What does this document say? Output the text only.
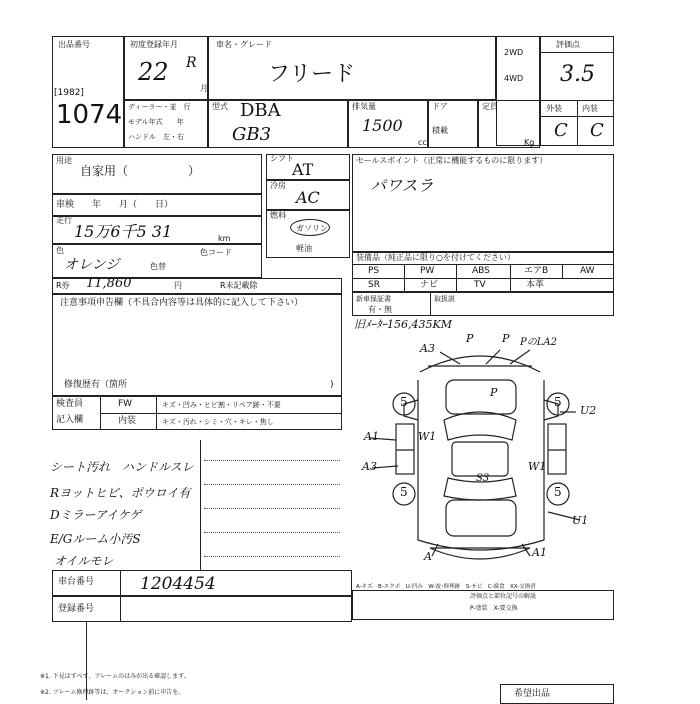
出品番号
[1982]
1074
初度登録年月
22 R
月
車名・グレード
フリード
2WD
4WD
評価点
3.5
外装	内装
C C
ディーラー・並　行
モデル年式　　年
ハンドル　左・右
型式 DBA
GB3
排気量
1500
cc
ドア
積載
定員
Kg
用途
自家用（　　　　　）
車検　　年　　月（　　日）
走行
15万6千5 31	km
色
オレンジ
色コード
色替
R券 11,860	円	R未記載除
注意事項申告欄（不具合内容等は具体的に記入して下さい）
修復歴有（箇所	)
検査員
記入欄
FW
内装
キズ・凹み・ヒビ割・リペア跡・不要
キズ・汚れ・シミ・穴・キレ・焦し
シート汚れ　ハンドルスレ
Rヨットヒビ、ポウロイ有
Dミラーアイケゲ
E/Gルーム小汚S
オイルモレ
シフト
AT
冷房
AC
燃料
ガソリン
軽油
セールスポイント（正常に機能するものに限ります）
パワスラ
装備品（純正品に限り○を付けてください）
PS	PW	ABS	エアB	AW
SR	ナビ	TV	本革
新車保証書
有・無
取扱説
旧ﾒｰﾀｰ156,435KM
A3
P	P PのLA2
P
5	5
5	5
U2
A1	W1
A3	W1
S3
U1
A	A1
A-キズ　B-エクボ　U-凹み　W-波･修理跡　S-サビ　C-腐食　XX-交換済
評価点と部位記号の解説
P-塗装　X-要交換
車台番号	1204454
登録番号
※1. 下見はすべて、フレームのはみが出る確認します。
※2. フレーム修理跡等は、オークション前に申告を。	希望出品
